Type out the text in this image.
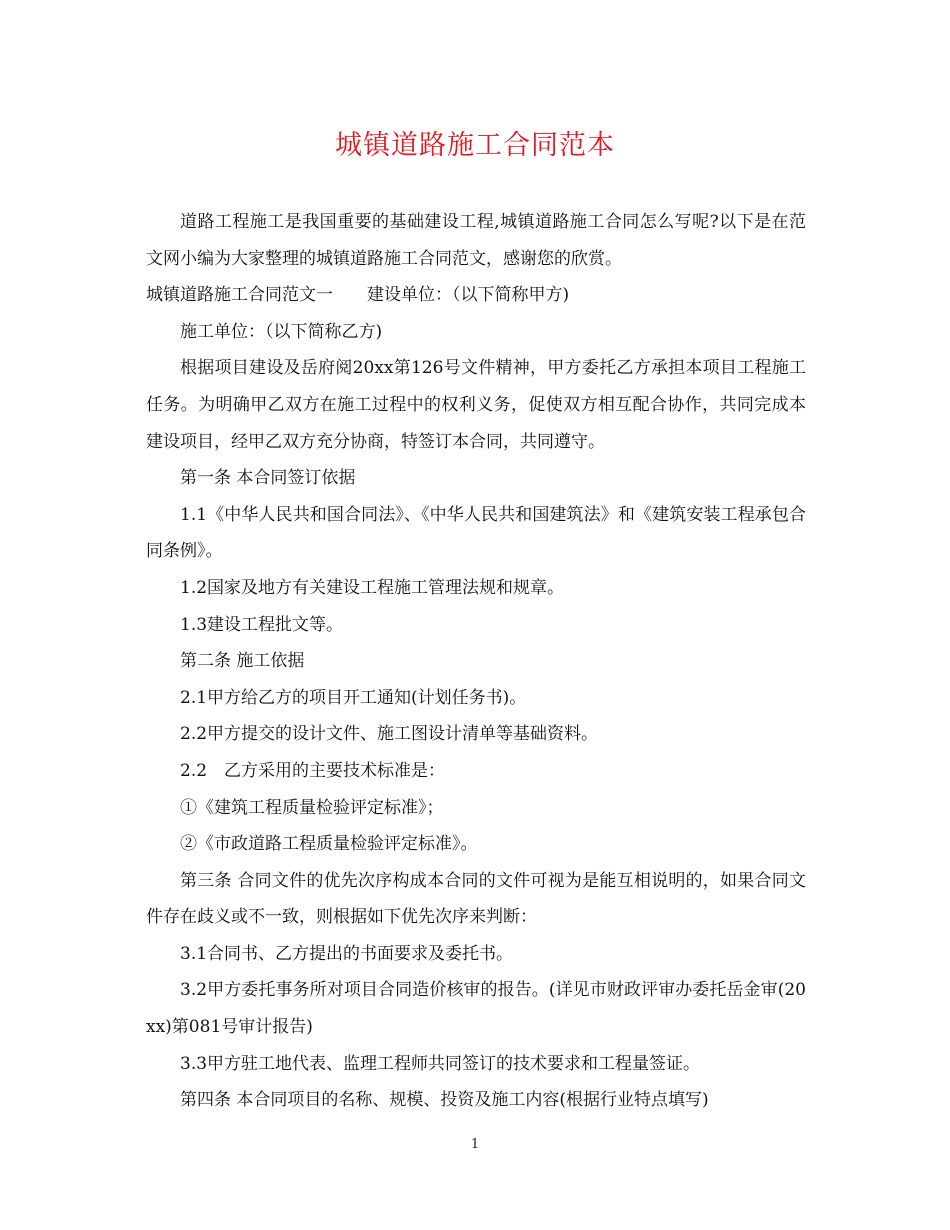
城镇道路施工合同范本

道路工程施工是我国重要的基础建设工程,城镇道路施工合同怎么写呢?以下是在范文网小编为大家整理的城镇道路施工合同范文，感谢您的欣赏。

城镇道路施工合同范文一　　建设单位：（以下简称甲方)

施工单位：（以下简称乙方)

根据项目建设及岳府阅20xx第126号文件精神，甲方委托乙方承担本项目工程施工任务。为明确甲乙双方在施工过程中的权利义务，促使双方相互配合协作，共同完成本建设项目，经甲乙双方充分协商，特签订本合同，共同遵守。

第一条 本合同签订依据

1.1《中华人民共和国合同法》、《中华人民共和国建筑法》和《建筑安装工程承包合同条例》。

1.2国家及地方有关建设工程施工管理法规和规章。

1.3建设工程批文等。

第二条 施工依据

2.1甲方给乙方的项目开工通知(计划任务书)。

2.2甲方提交的设计文件、施工图设计清单等基础资料。

2.2　乙方采用的主要技术标准是：

①《建筑工程质量检验评定标准》；

②《市政道路工程质量检验评定标准》。

第三条 合同文件的优先次序构成本合同的文件可视为是能互相说明的，如果合同文件存在歧义或不一致，则根据如下优先次序来判断：

3.1合同书、乙方提出的书面要求及委托书。

3.2甲方委托事务所对项目合同造价核审的报告。(详见市财政评审办委托岳金审(20xx)第081号审计报告)

3.3甲方驻工地代表、监理工程师共同签订的技术要求和工程量签证。

第四条 本合同项目的名称、规模、投资及施工内容(根据行业特点填写)

1
